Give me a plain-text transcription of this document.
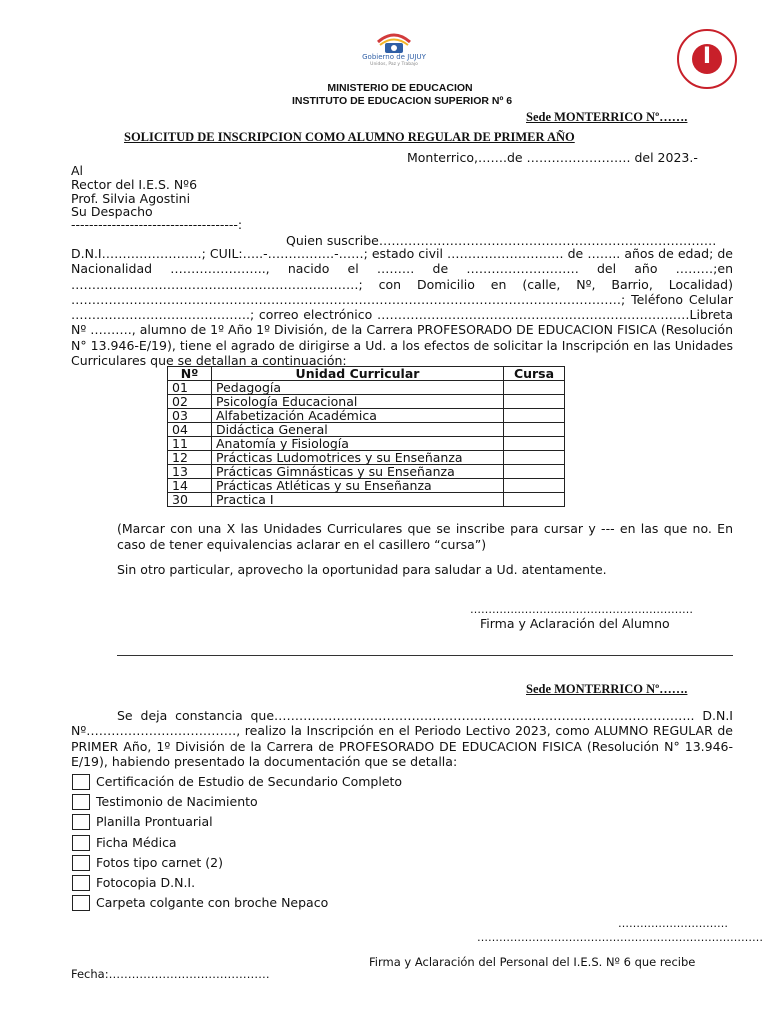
Gobierno de JUJUY
Unidos, Paz y Trabajo	I
MINISTERIO DE EDUCACION
INSTITUTO DE EDUCACION SUPERIOR Nº 6
Sede MONTERRICO Nº…….
SOLICITUD DE INSCRIPCION COMO ALUMNO REGULAR DE PRIMER AÑO
Monterrico,…….de ……………………. del 2023.-
Al
Rector del I.E.S. Nº6
Prof. Silvia Agostini
Su Despacho
-------------------------------------:
Quien suscribe………………………………………………………………………
D.N.I……………………; CUIL:…..-…………….-……; estado civil ………………………. de …….. años de edad; de Nacionalidad ………………….., nacido el ……… de ……………………… del año ………;en ……………………………………………………………; con Domicilio en (calle, Nº, Barrio, Localidad) ……………………………………………………………………………………………………………………; Teléfono Celular …………………………………….; correo electrónico …………………………………………………………………Libreta Nº ………., alumno de 1º Año 1º División, de la Carrera PROFESORADO DE EDUCACION FISICA (Resolución N° 13.946-E/19), tiene el agrado de dirigirse a Ud. a los efectos de solicitar la Inscripción en las Unidades Curriculares que se detallan a continuación:
Nº	Unidad Curricular	Cursa
01	Pedagogía	
02	Psicología Educacional	
03	Alfabetización Académica	
04	Didáctica General	
11	Anatomía y Fisiología	
12	Prácticas Ludomotrices y su Enseñanza	
13	Prácticas Gimnásticas y su Enseñanza	
14	Prácticas Atléticas y su Enseñanza	
30	Practica I	
(Marcar con una X las Unidades Curriculares que se inscribe para cursar y --- en las que no. En caso de tener equivalencias aclarar en el casillero “cursa”)
Sin otro particular, aprovecho la oportunidad para saludar a Ud. atentamente.
…………..………..………………………………
Firma y Aclaración del Alumno
Sede MONTERRICO Nº…….
Se deja constancia que……………………………………………………………………………………….. D.N.I Nº………………………………, realizo la Inscripción en el Periodo Lectivo 2023, como ALUMNO REGULAR de PRIMER Año, 1º División de la Carrera de PROFESORADO DE EDUCACION FISICA (Resolución N° 13.946-E/19), habiendo presentado la documentación que se detalla:
Certificación de Estudio de Secundario Completo
Testimonio de Nacimiento
Planilla Prontuarial
Ficha Médica
Fotos tipo carnet (2)
Fotocopia D.N.I.
Carpeta colgante con broche Nepaco
…………………………
……………………………………………………………………
Firma y Aclaración del Personal del I.E.S. Nº 6 que recibe
Fecha:……………………………………
